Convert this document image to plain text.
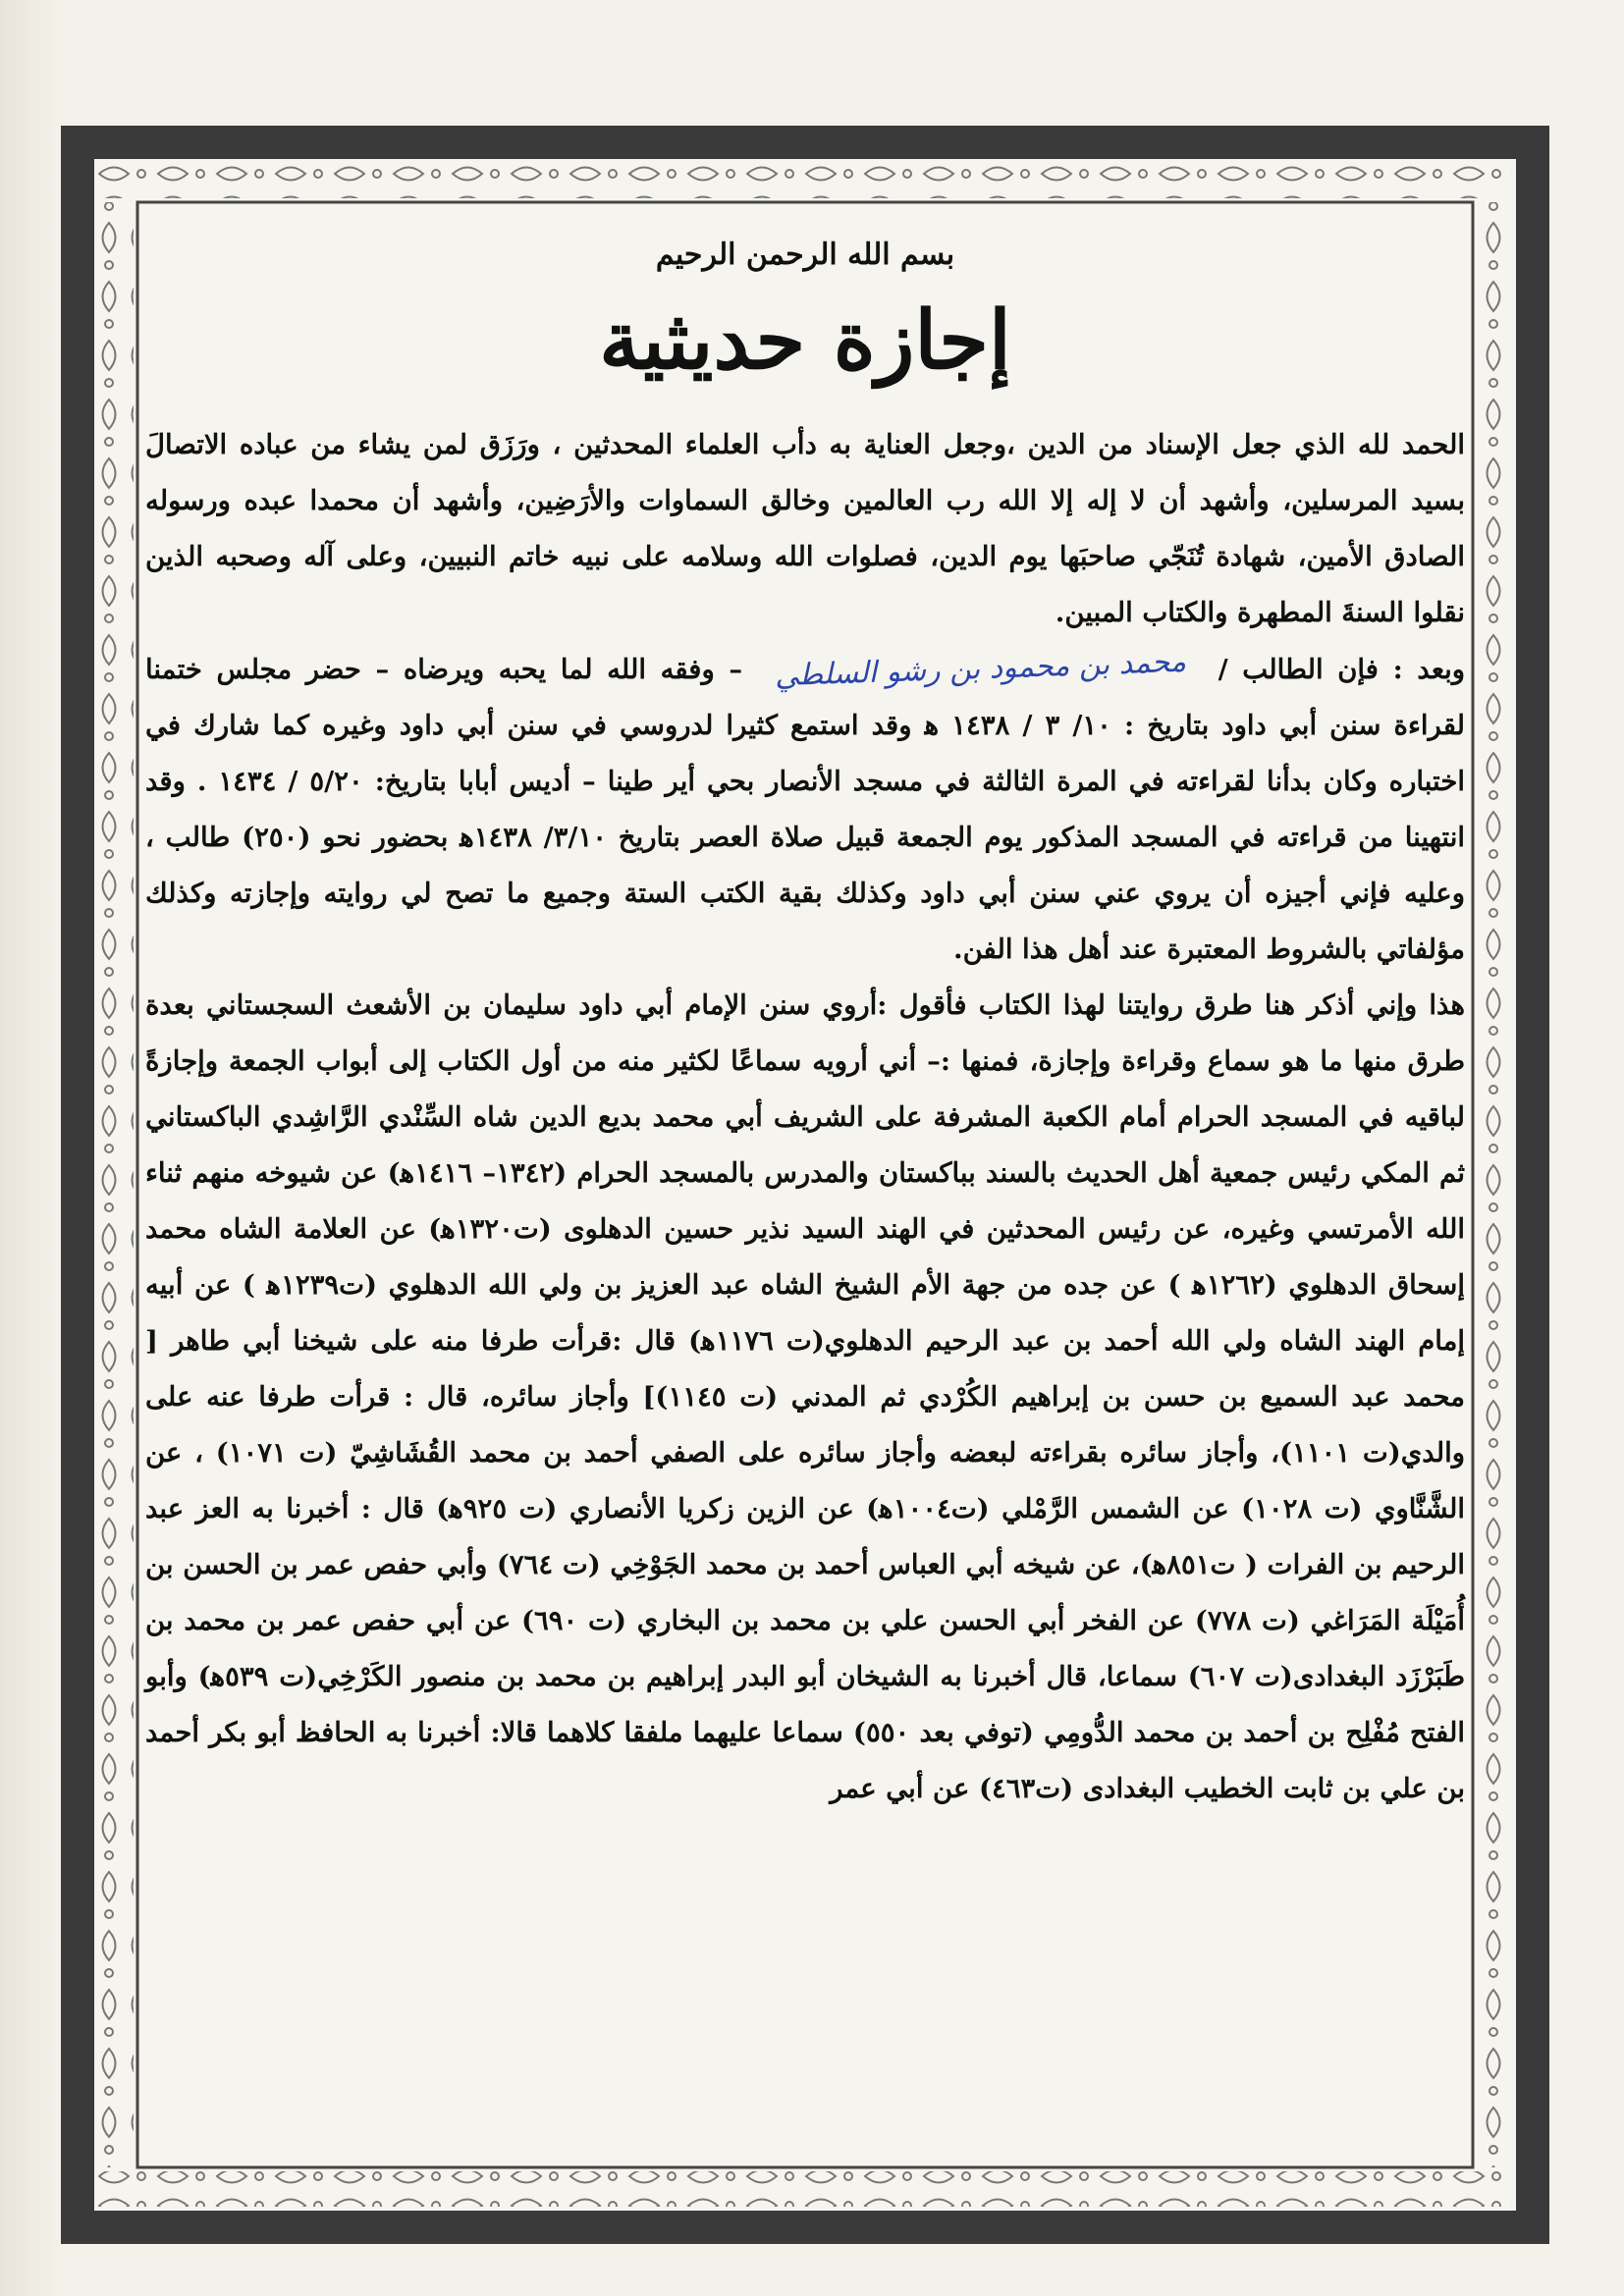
بسم الله الرحمن الرحيم
إجازة حديثية

الحمد لله الذي جعل الإسناد من الدين ،وجعل العناية به دأب العلماء المحدثين ، ورَزَق لمن يشاء من عباده الاتصالَ بسيد المرسلين، وأشهد أن لا إله إلا الله رب العالمين وخالق السماوات والأرَضِين، وأشهد أن محمدا عبده ورسوله الصادق الأمين، شهادة تُنَجّي صاحبَها يوم الدين، فصلوات الله وسلامه على نبيه خاتم النبيين، وعلى آله وصحبه الذين نقلوا السنةَ المطهرة والكتاب المبين.

وبعد : فإن الطالب / محمد بن محمود بن رشو السلطي – وفقه الله لما يحبه ويرضاه – حضر مجلس ختمنا لقراءة سنن أبي داود بتاريخ : ١٠/ ٣ / ١٤٣٨ ﻫ وقد استمع كثيرا لدروسي في سنن أبي داود وغيره كما شارك في اختباره وكان بدأنا لقراءته في المرة الثالثة في مسجد الأنصار بحي أير طينا – أديس أبابا بتاريخ: ٥/٢٠ / ١٤٣٤ . وقد انتهينا من قراءته في المسجد المذكور يوم الجمعة قبيل صلاة العصر بتاريخ ٣/١٠/ ١٤٣٨ﻫ بحضور نحو (٢٥٠) طالب ، وعليه فإني أجيزه أن يروي عني سنن أبي داود وكذلك بقية الكتب الستة وجميع ما تصح لي روايته وإجازته وكذلك مؤلفاتي بالشروط المعتبرة عند أهل هذا الفن.

هذا وإني أذكر هنا طرق روايتنا لهذا الكتاب فأقول :أروي سنن الإمام أبي داود سليمان بن الأشعث السجستاني بعدة طرق منها ما هو سماع وقراءة وإجازة، فمنها :– أني أرويه سماعًا لكثير منه من أول الكتاب إلى أبواب الجمعة وإجازةً لباقيه في المسجد الحرام أمام الكعبة المشرفة على الشريف أبي محمد بديع الدين شاه السِّنْدي الرَّاشِدي الباكستاني ثم المكي رئيس جمعية أهل الحديث بالسند بباكستان والمدرس بالمسجد الحرام (١٣٤٢– ١٤١٦ﻫ) عن شيوخه منهم ثناء الله الأمرتسي وغيره، عن رئيس المحدثين في الهند السيد نذير حسين الدهلوى (ت١٣٢٠ﻫ) عن العلامة الشاه محمد إسحاق الدهلوي (١٢٦٢ﻫ ) عن جده من جهة الأم الشيخ الشاه عبد العزيز بن ولي الله الدهلوي (ت١٢٣٩ﻫ ) عن أبيه إمام الهند الشاه ولي الله أحمد بن عبد الرحيم الدهلوي(ت ١١٧٦ﻫ) قال :قرأت طرفا منه على شيخنا أبي طاهر [ محمد عبد السميع بن حسن بن إبراهيم الكُرْدي ثم المدني (ت ١١٤٥)] وأجاز سائره، قال : قرأت طرفا عنه على والدي(ت ١١٠١)، وأجاز سائره بقراءته لبعضه وأجاز سائره على الصفي أحمد بن محمد القُشَاشِيّ (ت ١٠٧١) ، عن الشَّنَّاوي (ت ١٠٢٨) عن الشمس الرَّمْلي (ت١٠٠٤ﻫ) عن الزين زكريا الأنصاري (ت ٩٢٥ﻫ) قال : أخبرنا به العز عبد الرحيم بن الفرات ( ت٨٥١ﻫ)، عن شيخه أبي العباس أحمد بن محمد الجَوْخِي (ت ٧٦٤) وأبي حفص عمر بن الحسن بن أُمَيْلَة المَرَاغي (ت ٧٧٨) عن الفخر أبي الحسن علي بن محمد بن البخاري (ت ٦٩٠) عن أبي حفص عمر بن محمد بن طَبَرْزَد البغدادى(ت ٦٠٧) سماعا، قال أخبرنا به الشيخان أبو البدر إبراهيم بن محمد بن منصور الكَرْخِي(ت ٥٣٩ﻫ) وأبو الفتح مُفْلِح بن أحمد بن محمد الدُّومِي (توفي بعد ٥٥٠) سماعا عليهما ملفقا كلاهما قالا: أخبرنا به الحافظ أبو بكر أحمد بن علي بن ثابت الخطيب البغدادى (ت٤٦٣) عن أبي عمر
